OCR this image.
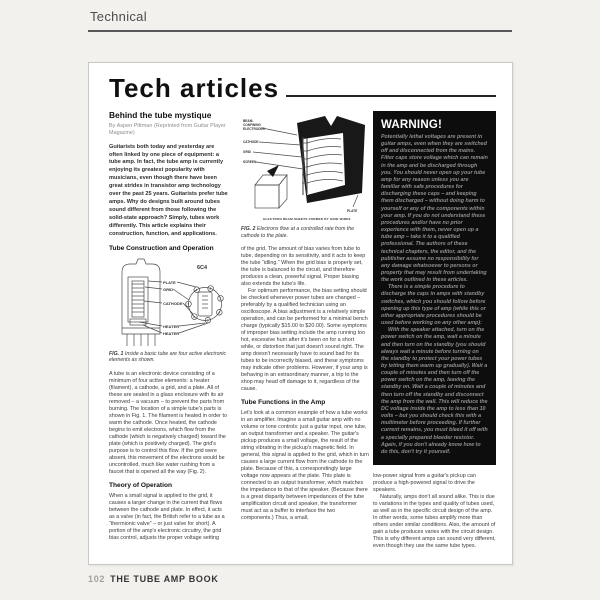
Technical
Tech articles
Behind the tube mystique

By Aspen Pittman (Reprinted from Guitar Player Magazine)

Guitarists both today and yesterday are often linked by one piece of equipment: a tube amp. In fact, the tube amp is currently enjoying its greatest popularity with musicians, even though there have been great strides in transistor amp technology over the past 25 years. Guitarists prefer tube amps. Why do designs built around tubes sound different from those following the solid-state approach? Simply, tubes work differently. This article explains their construction, function, and applications.

Tube Construction and Operation
PLATE
GRID
CATHODE
HEATER
HEATER
6C4
1	2
3
4
5
6
7

FIG. 1 Inside a basic tube are four active electronic elements as shown.

A tube is an electronic device consisting of a minimum of four active elements: a heater (filament), a cathode, a grid, and a plate. All of these are sealed in a glass enclosure with its air removed – a vacuum – to prevent the parts from burning. The location of a simple tube's parts is shown in Fig. 1. The filament is heated in order to warm the cathode. Once heated, the cathode begins to emit electrons, which flow from the cathode (which is negatively charged) toward the plate (which is positively charged). The grid's purpose is to control this flow. If the grid were absent, this movement of the electrons would be uncontrolled, much like water rushing from a faucet that is opened all the way (Fig. 2).

Theory of Operation

When a small signal is applied to the grid, it causes a larger change in the current that flows between the cathode and plate. In effect, it acts as a valve (in fact, the British refer to a tube as a “thermionic valve” – or just valve for short). A portion of the amp's electronic circuitry, the grid bias control, adjusts the proper voltage setting

BEAM-
CONFINING
ELECTRODES
CATHODE
GRID
SCREEN
PLATE
ELECTRON BEAM SHEETS FORMED BY GRID WIRES

FIG. 2 Electrons flow at a controlled rate from the cathode to the plate.

of the grid. The amount of bias varies from tube to tube, depending on its sensitivity, and it acts to keep the tube “idling.” When the grid bias is properly set, the tube is balanced to the circuit, and therefore produces a clean, powerful signal. Proper biasing also extends the tube's life.

For optimum performance, the bias setting should be checked whenever power tubes are changed – preferably by a qualified technician using an oscilloscope. A bias adjustment is a relatively simple operation, and can be performed for a minimal bench charge (typically $15.00 to $20.00). Some symptoms of improper bias setting include the amp running too hot, excessive hum after it's been on for a short while, or distortion that just doesn't sound right. The amp doesn't necessarily have to sound bad for its tubes to be incorrectly biased, and these symptoms may indicate other problems. However, if your amp is behaving in an extraordinary manner, a trip to the shop may head off damage to it, regardless of the cause.

Tube Functions in the Amp

Let's look at a common example of how a tube works in an amplifier. Imagine a small guitar amp with no volume or tone controls: just a guitar input, one tube, an output transformer and a speaker. The guitar's pickup produces a small voltage, the result of the string vibrating in the pickup's magnetic field. In general, this signal is applied to the grid, which in turn causes a large current flow from the cathode to the plate. Because of this, a correspondingly large voltage now appears at the plate. This plate is connected to an output transformer, which matches the impedance to that of the speaker. (Because there is a great disparity between impedances of the tube amplification circuit and speaker, the transformer must act as a buffer to interface the two components.) Thus, a small,

WARNING!

Potentially lethal voltages are present in guitar amps, even when they are switched off and disconnected from the mains. Filter caps store voltage which can remain in the amp and be discharged through you. You should never open up your tube amp for any reason unless you are familiar with safe procedures for discharging these caps – and keeping them discharged – without doing harm to yourself or any of the components within your amp. If you do not understand these procedures and/or have no prior experience with them, never open up a tube amp – take it to a qualified professional. The authors of these technical chapters, the editor, and the publisher assume no responsibility for any damage whatsoever to persons or property that may result from undertaking the work outlined in these articles.

There is a simple procedure to discharge the caps in amps with standby switches, which you should follow before opening up this type of amp (while this or other appropriate procedures should be used before working on any other amp):

With the speaker attached, turn on the power switch on the amp, wait a minute and then turn on the standby (you should always wait a minute before turning on the standby to protect your power tubes by letting them warm up gradually). Wait a couple of minutes and then turn off the power switch on the amp, leaving the standby on. Wait a couple of minutes and then turn off the standby and disconnect the amp from the wall. This will reduce the DC voltage inside the amp to less than 10 volts – but you should check this with a multimeter before proceeding. If further current remains, you must bleed it off with a specially prepared bleeder resistor. Again, if you don't already know how to do this, don't try it yourself.

low-power signal from a guitar's pickup can produce a high-powered signal to drive the speakers.

Naturally, amps don't all sound alike. This is due to variations in the types and quality of tubes used, as well as in the specific circuit design of the amp. In other words, some tubes amplify more than others under similar conditions. Also, the amount of gain a tube produces varies with the circuit design. This is why different amps can sound very different, even though they use the same tube types.

102 THE TUBE AMP BOOK
